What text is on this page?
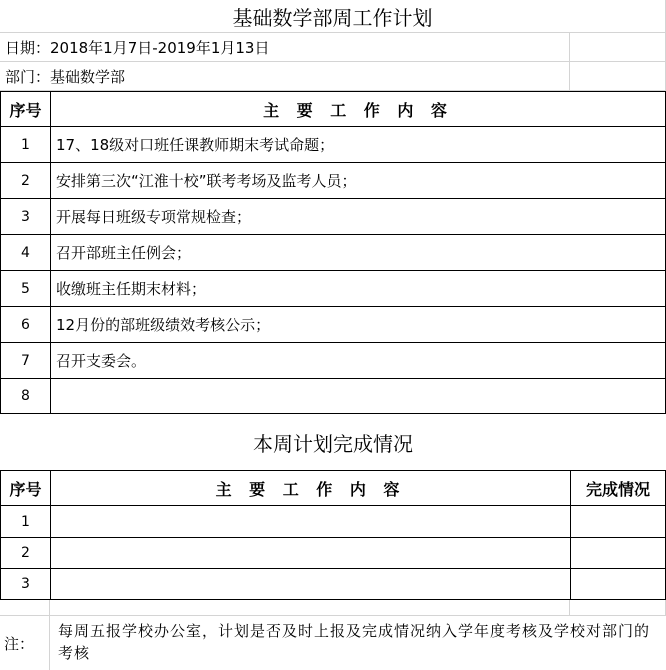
基础数学部周工作计划
日期：2018年1月7日-2019年1月13日
部门：基础数学部
序号	主 要 工 作 内 容
1	17、18级对口班任课教师期末考试命题；
2	安排第三次“江淮十校”联考考场及监考人员；
3	开展每日班级专项常规检查；
4	召开部班主任例会；
5	收缴班主任期末材料；
6	12月份的部班级绩效考核公示；
7	召开支委会。
8
本周计划完成情况
序号	主 要 工 作 内 容	完成情况
1
2
3
注：
每周五报学校办公室，计划是否及时上报及完成情况纳入学年度考核及学校对部门的考核
